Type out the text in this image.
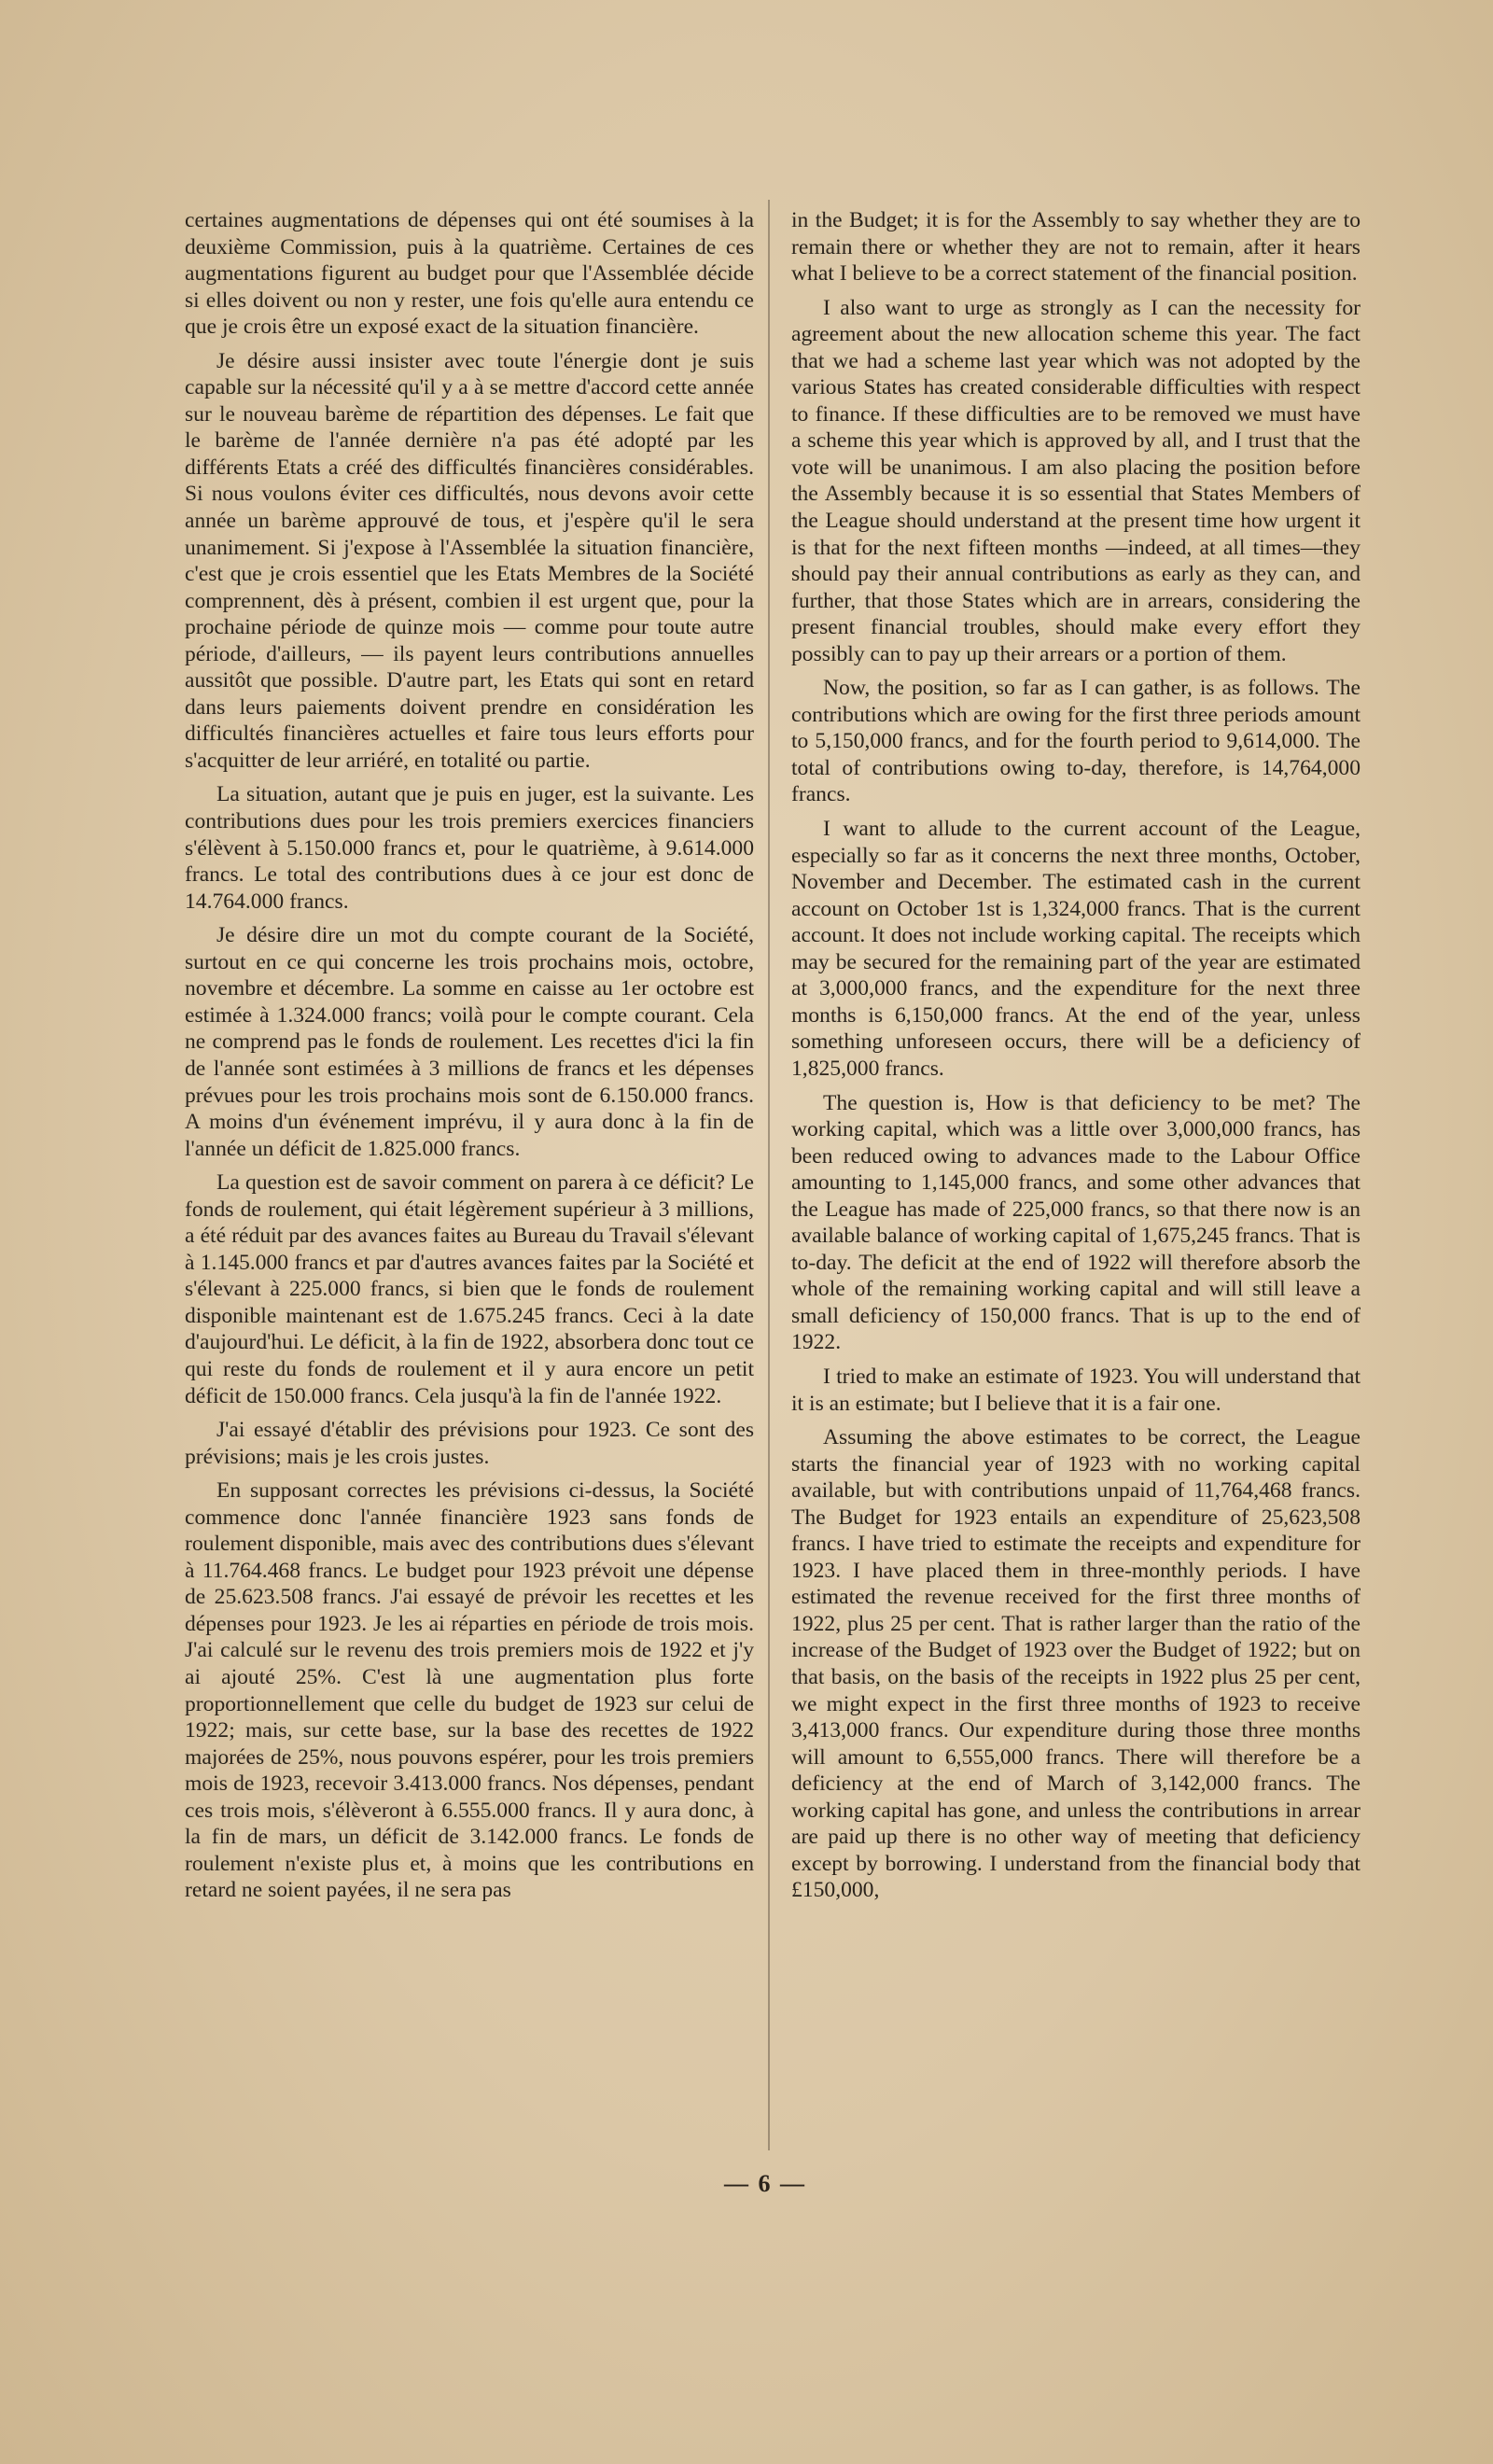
certaines augmentations de dépenses qui ont été soumises à la deuxième Commission, puis à la quatrième. Certaines de ces augmentations figurent au budget pour que l'Assemblée décide si elles doivent ou non y rester, une fois qu'elle aura entendu ce que je crois être un exposé exact de la situation financière.

Je désire aussi insister avec toute l'énergie dont je suis capable sur la nécessité qu'il y a à se mettre d'accord cette année sur le nouveau barème de répartition des dépenses. Le fait que le barème de l'année dernière n'a pas été adopté par les différents Etats a créé des difficultés financières considérables. Si nous voulons éviter ces difficultés, nous devons avoir cette année un barème approuvé de tous, et j'espère qu'il le sera unanimement. Si j'expose à l'Assemblée la situation financière, c'est que je crois essentiel que les Etats Membres de la Société comprennent, dès à présent, combien il est urgent que, pour la prochaine période de quinze mois — comme pour toute autre période, d'ailleurs, — ils payent leurs contributions annuelles aussitôt que possible. D'autre part, les Etats qui sont en retard dans leurs paiements doivent prendre en considération les difficultés financières actuelles et faire tous leurs efforts pour s'acquitter de leur arriéré, en totalité ou partie.

La situation, autant que je puis en juger, est la suivante. Les contributions dues pour les trois premiers exercices financiers s'élèvent à 5.150.000 francs et, pour le quatrième, à 9.614.000 francs. Le total des contributions dues à ce jour est donc de 14.764.000 francs.

Je désire dire un mot du compte courant de la Société, surtout en ce qui concerne les trois prochains mois, octobre, novembre et décembre. La somme en caisse au 1er octobre est estimée à 1.324.000 francs; voilà pour le compte courant. Cela ne comprend pas le fonds de roulement. Les recettes d'ici la fin de l'année sont estimées à 3 millions de francs et les dépenses prévues pour les trois prochains mois sont de 6.150.000 francs. A moins d'un événement imprévu, il y aura donc à la fin de l'année un déficit de 1.825.000 francs.

La question est de savoir comment on parera à ce déficit? Le fonds de roulement, qui était légèrement supérieur à 3 millions, a été réduit par des avances faites au Bureau du Travail s'élevant à 1.145.000 francs et par d'autres avances faites par la Société et s'élevant à 225.000 francs, si bien que le fonds de roulement disponible maintenant est de 1.675.245 francs. Ceci à la date d'aujourd'hui. Le déficit, à la fin de 1922, absorbera donc tout ce qui reste du fonds de roulement et il y aura encore un petit déficit de 150.000 francs. Cela jusqu'à la fin de l'année 1922.

J'ai essayé d'établir des prévisions pour 1923. Ce sont des prévisions; mais je les crois justes.

En supposant correctes les prévisions ci-dessus, la Société commence donc l'année financière 1923 sans fonds de roulement disponible, mais avec des contributions dues s'élevant à 11.764.468 francs. Le budget pour 1923 prévoit une dépense de 25.623.508 francs. J'ai essayé de prévoir les recettes et les dépenses pour 1923. Je les ai réparties en période de trois mois. J'ai calculé sur le revenu des trois premiers mois de 1922 et j'y ai ajouté 25%. C'est là une augmentation plus forte proportionnellement que celle du budget de 1923 sur celui de 1922; mais, sur cette base, sur la base des recettes de 1922 majorées de 25%, nous pouvons espérer, pour les trois premiers mois de 1923, recevoir 3.413.000 francs. Nos dépenses, pendant ces trois mois, s'élèveront à 6.555.000 francs. Il y aura donc, à la fin de mars, un déficit de 3.142.000 francs. Le fonds de roulement n'existe plus et, à moins que les contributions en retard ne soient payées, il ne sera pas

in the Budget; it is for the Assembly to say whether they are to remain there or whether they are not to remain, after it hears what I believe to be a correct statement of the financial position.

I also want to urge as strongly as I can the necessity for agreement about the new allocation scheme this year. The fact that we had a scheme last year which was not adopted by the various States has created considerable difficulties with respect to finance. If these difficulties are to be removed we must have a scheme this year which is approved by all, and I trust that the vote will be unanimous. I am also placing the position before the Assembly because it is so essential that States Members of the League should understand at the present time how urgent it is that for the next fifteen months —indeed, at all times—they should pay their annual contributions as early as they can, and further, that those States which are in arrears, considering the present financial troubles, should make every effort they possibly can to pay up their arrears or a portion of them.

Now, the position, so far as I can gather, is as follows. The contributions which are owing for the first three periods amount to 5,150,000 francs, and for the fourth period to 9,614,000. The total of contributions owing to-day, therefore, is 14,764,000 francs.

I want to allude to the current account of the League, especially so far as it concerns the next three months, October, November and December. The estimated cash in the current account on October 1st is 1,324,000 francs. That is the current account. It does not include working capital. The receipts which may be secured for the remaining part of the year are estimated at 3,000,000 francs, and the expenditure for the next three months is 6,150,000 francs. At the end of the year, unless something unforeseen occurs, there will be a deficiency of 1,825,000 francs.

The question is, How is that deficiency to be met? The working capital, which was a little over 3,000,000 francs, has been reduced owing to advances made to the Labour Office amounting to 1,145,000 francs, and some other advances that the League has made of 225,000 francs, so that there now is an available balance of working capital of 1,675,245 francs. That is to-day. The deficit at the end of 1922 will therefore absorb the whole of the remaining working capital and will still leave a small deficiency of 150,000 francs. That is up to the end of 1922.

I tried to make an estimate of 1923. You will understand that it is an estimate; but I believe that it is a fair one.

Assuming the above estimates to be correct, the League starts the financial year of 1923 with no working capital available, but with contributions unpaid of 11,764,468 francs. The Budget for 1923 entails an expenditure of 25,623,508 francs. I have tried to estimate the receipts and expenditure for 1923. I have placed them in three-monthly periods. I have estimated the revenue received for the first three months of 1922, plus 25 per cent. That is rather larger than the ratio of the increase of the Budget of 1923 over the Budget of 1922; but on that basis, on the basis of the receipts in 1922 plus 25 per cent, we might expect in the first three months of 1923 to receive 3,413,000 francs. Our expenditure during those three months will amount to 6,555,000 francs. There will therefore be a deficiency at the end of March of 3,142,000 francs. The working capital has gone, and unless the contributions in arrear are paid up there is no other way of meeting that deficiency except by borrowing. I understand from the financial body that £150,000,

— 6 —
